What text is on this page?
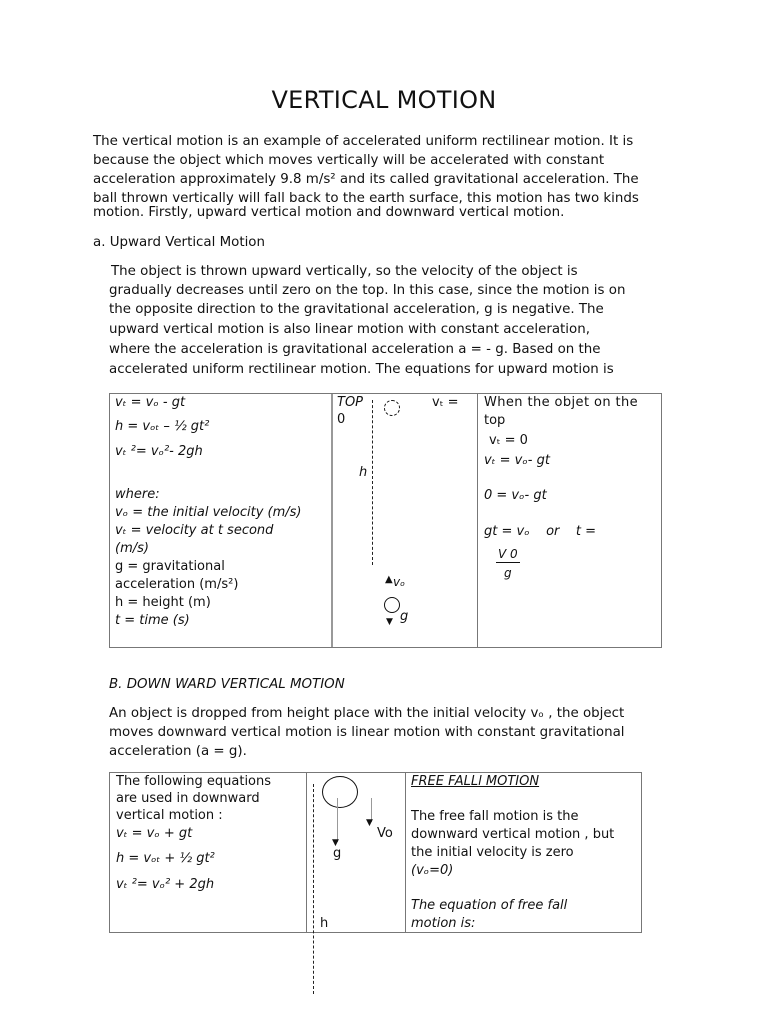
VERTICAL MOTION
The vertical motion is an example of accelerated uniform rectilinear motion. It is
because the object which moves vertically will be accelerated with constant
acceleration approximately 9.8 m/s² and its called gravitational acceleration. The
ball thrown vertically will fall back to the earth surface, this motion has two kinds
motion. Firstly, upward vertical motion and downward vertical motion.
a. Upward Vertical Motion
The object is thrown upward vertically, so the velocity of the object is
gradually decreases until zero on the top. In this case, since the motion is on
the opposite direction to the gravitational acceleration, g is negative. The
upward vertical motion is also linear motion with constant acceleration,
where the acceleration is gravitational acceleration a = - g. Based on the
accelerated uniform rectilinear motion. The equations for upward motion is
vₜ = vₒ - gt
h = vₒₜ – ½ gt²
vₜ ²= vₒ²- 2gh
where:
vₒ = the initial velocity (m/s)
vₜ = velocity at t second
(m/s)
g = gravitational
acceleration (m/s²)
h = height (m)
t = time (s)
TOP
0
vₜ =
h
▲ vₒ
▼ g
When the objet on the
top
vₜ = 0
vₜ = vₒ- gt
0 = vₒ- gt
gt = vₒ    or    t =
V 0
g
B. DOWN WARD VERTICAL MOTION
An object is dropped from height place with the initial velocity vₒ , the object
moves downward vertical motion is linear motion with constant gravitational
acceleration (a = g).
The following equations
are used in downward
vertical motion :
vₜ = vₒ + gt
h = vₒₜ + ½ gt²
vₜ ²= vₒ² + 2gh
▼
g
▼
Vo
h
FREE FALLl MOTION
The free fall motion is the
downward vertical motion , but
the initial velocity is zero
(vₒ=0)
The equation of free fall
motion is:
